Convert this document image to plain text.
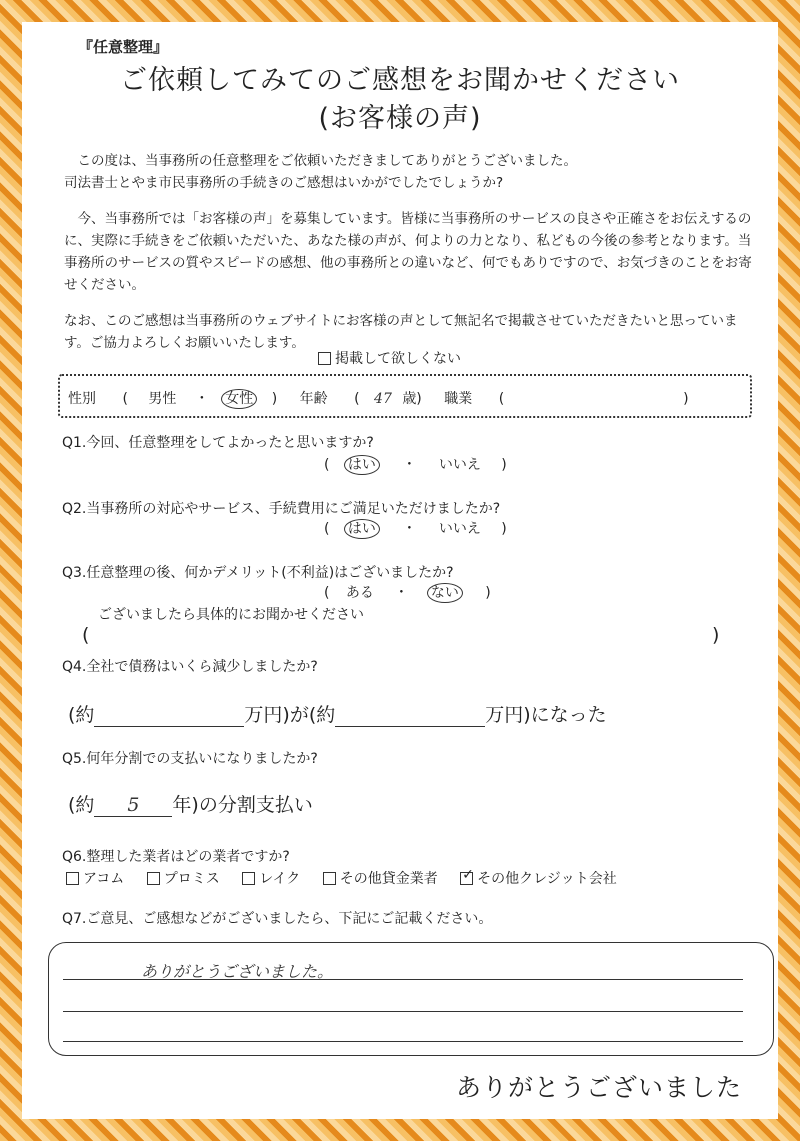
『任意整理』
ご依頼してみてのご感想をお聞かせください
(お客様の声)
この度は、当事務所の任意整理をご依頼いただきましてありがとうございました。
司法書士とやま市民事務所の手続きのご感想はいかがでしたでしょうか?
今、当事務所では「お客様の声」を募集しています。皆様に当事務所のサービスの良さや正確さをお伝えするのに、実際に手続きをご依頼いただいた、あなた様の声が、何よりの力となり、私どもの今後の参考となります。当事務所のサービスの質やスピードの感想、他の事務所との違いなど、何でもありですので、お気づきのことをお寄せください。
なお、このご感想は当事務所のウェブサイトにお客様の声として無記名で掲載させていただきたいと思っています。ご協力よろしくお願いいたします。
掲載して欲しくない
性別 ( 男性 ・ 女性 ) 年齢 ( 47 歳) 職業 (	)
Q1.今回、任意整理をしてよかったと思いますか?
( はい ・ いいえ )
Q2.当事務所の対応やサービス、手続費用にご満足いただけましたか?
( はい ・ いいえ )
Q3.任意整理の後、何かデメリット(不利益)はございましたか?
( ある ・ ない )
ございましたら具体的にお聞かせください
(	)
Q4.全社で債務はいくら減少しましたか?
(約	万円)が(約	万円)になった
Q5.何年分割での支払いになりましたか?
(約 5 年)の分割支払い
Q6.整理した業者はどの業者ですか?
アコム	プロミス	レイク	その他貸金業者 ✓	その他クレジット会社
Q7.ご意見、ご感想などがございましたら、下記にご記載ください。
ありがとうございました。
ありがとうございました
